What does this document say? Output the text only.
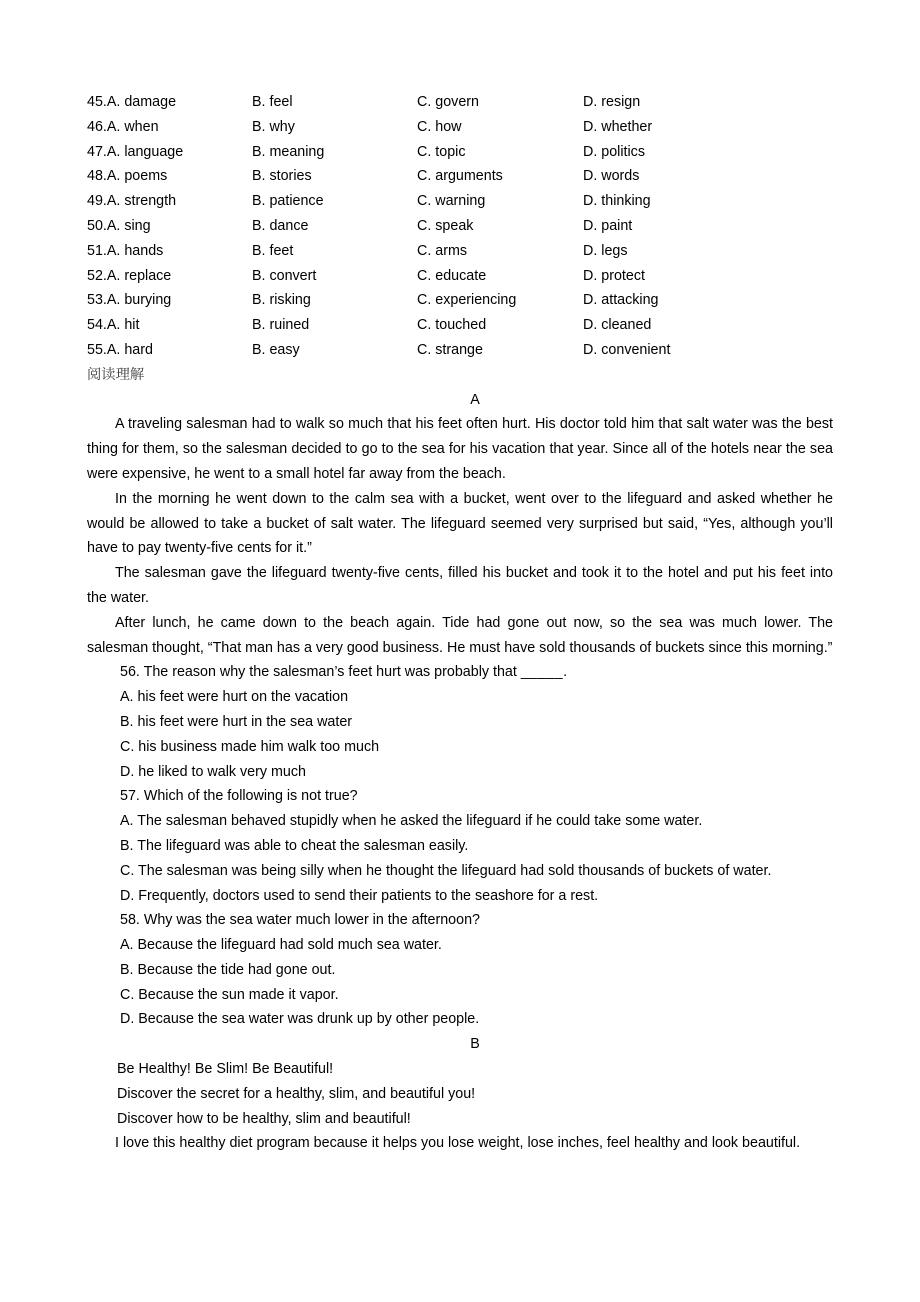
45.A. damage	B. feel	C. govern	D. resign
46.A. when	B. why	C. how	D. whether
47.A. language	B. meaning	C. topic	D. politics
48.A. poems	B. stories	C. arguments	D. words
49.A. strength	B. patience	C. warning	D. thinking
50.A. sing	B. dance	C. speak	D. paint
51.A. hands	B. feet	C. arms	D. legs
52.A. replace	B. convert	C. educate	D. protect
53.A. burying	B. risking	C. experiencing	D. attacking
54.A. hit	B. ruined	C. touched	D. cleaned
55.A. hard	B. easy	C. strange	D. convenient
阅读理解
A

A traveling salesman had to walk so much that his feet often hurt. His doctor told him that salt water was the best thing for them, so the salesman decided to go to the sea for his vacation that year. Since all of the hotels near the sea were expensive, he went to a small hotel far away from the beach.

In the morning he went down to the calm sea with a bucket, went over to the lifeguard and asked whether he would be allowed to take a bucket of salt water. The lifeguard seemed very surprised but said, “Yes, although you’ll have to pay twenty-five cents for it.”

The salesman gave the lifeguard twenty-five cents, filled his bucket and took it to the hotel and put his feet into the water.

After lunch, he came down to the beach again. Tide had gone out now, so the sea was much lower. The salesman thought, “That man has a very good business. He must have sold thousands of buckets since this morning.”

56. The reason why the salesman’s feet hurt was probably that _____.
A. his feet were hurt on the vacation
B. his feet were hurt in the sea water
C. his business made him walk too much
D. he liked to walk very much
57. Which of the following is not true?
A. The salesman behaved stupidly when he asked the lifeguard if he could take some water.
B. The lifeguard was able to cheat the salesman easily.
C. The salesman was being silly when he thought the lifeguard had sold thousands of buckets of water.
D. Frequently, doctors used to send their patients to the seashore for a rest.
58. Why was the sea water much lower in the afternoon?
A. Because the lifeguard had sold much sea water.
B. Because the tide had gone out.
C. Because the sun made it vapor.
D. Because the sea water was drunk up by other people.
B
Be Healthy! Be Slim! Be Beautiful!
Discover the secret for a healthy, slim, and beautiful you!
Discover how to be healthy, slim and beautiful!

I love this healthy diet program because it helps you lose weight, lose inches, feel healthy and look beautiful.
